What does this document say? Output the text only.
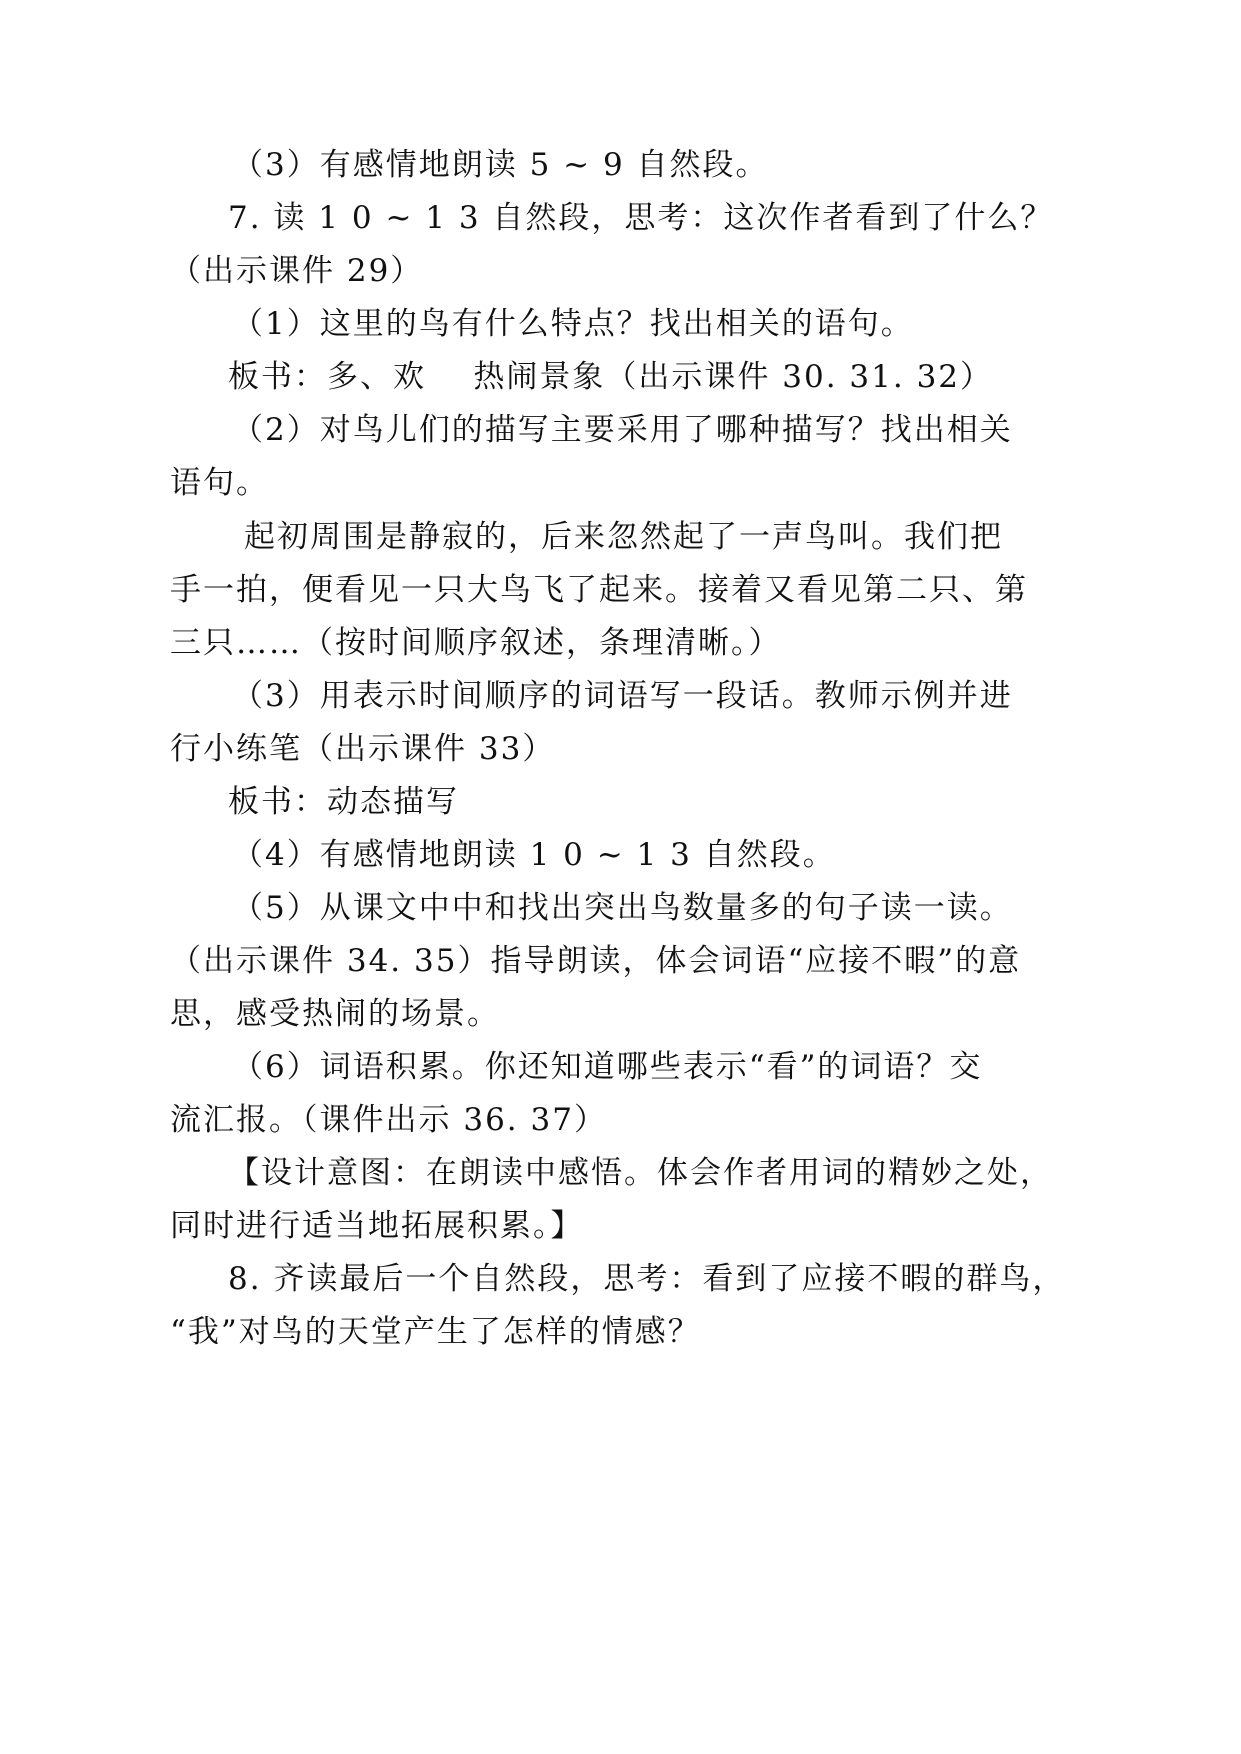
（3）有感情地朗读 5 ~ 9 自然段。
7. 读 1 0 ~ 1 3 自然段，思考：这次作者看到了什么？
（出示课件 29）
（1）这里的鸟有什么特点？找出相关的语句。
板书：多、欢    热闹景象（出示课件 30. 31. 32）
（2）对鸟儿们的描写主要采用了哪种描写？找出相关
语句。
起初周围是静寂的，后来忽然起了一声鸟叫。我们把
手一拍，便看见一只大鸟飞了起来。接着又看见第二只、第
三只……（按时间顺序叙述，条理清晰。）
（3）用表示时间顺序的词语写一段话。教师示例并进
行小练笔（出示课件 33）
板书：动态描写
（4）有感情地朗读 1 0 ~ 1 3 自然段。
（5）从课文中中和找出突出鸟数量多的句子读一读。
（出示课件 34. 35）指导朗读，体会词语“应接不暇”的意
思，感受热闹的场景。
（6）词语积累。你还知道哪些表示“看”的词语？交
流汇报。（课件出示 36. 37）
【设计意图：在朗读中感悟。体会作者用词的精妙之处，
同时进行适当地拓展积累。】
8. 齐读最后一个自然段，思考：看到了应接不暇的群鸟，
“我”对鸟的天堂产生了怎样的情感？
